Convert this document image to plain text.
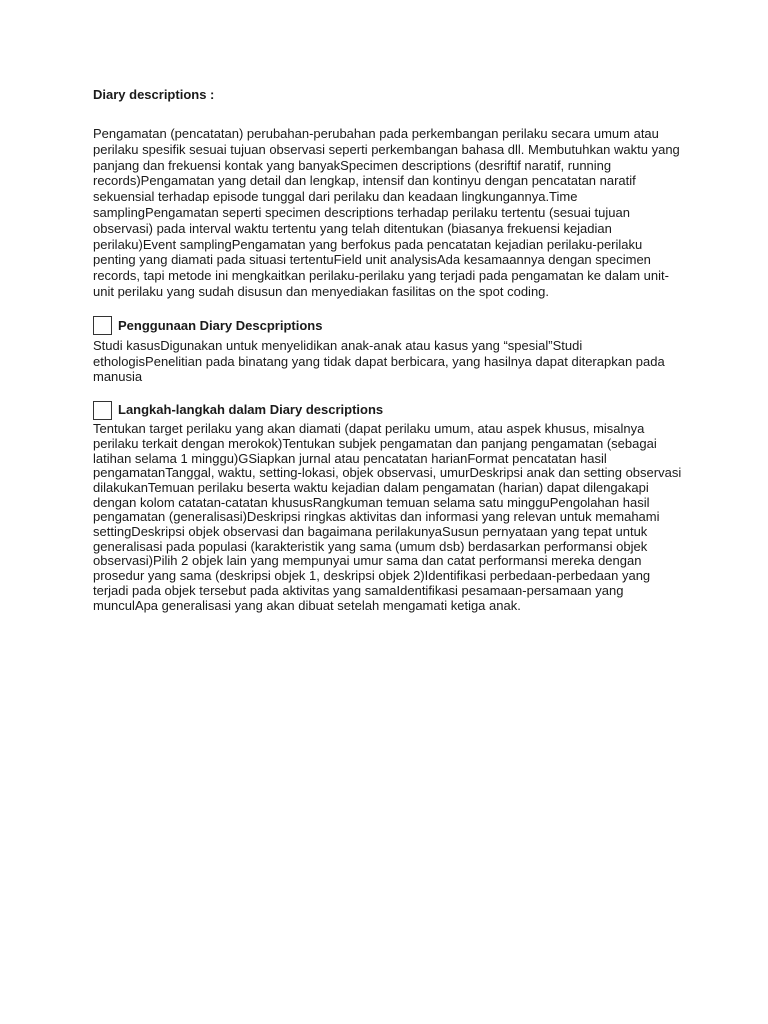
Diary descriptions :

Pengamatan (pencatatan) perubahan-perubahan pada perkembangan perilaku secara umum atau perilaku spesifik sesuai tujuan observasi seperti perkembangan bahasa dll. Membutuhkan waktu yang panjang dan frekuensi kontak yang banyakSpecimen descriptions (desriftif naratif, running records)Pengamatan yang detail dan lengkap, intensif dan kontinyu dengan pencatatan naratif sekuensial terhadap episode tunggal dari perilaku dan keadaan lingkungannya.Time samplingPengamatan seperti specimen descriptions terhadap perilaku tertentu (sesuai tujuan observasi) pada interval waktu tertentu yang telah ditentukan (biasanya frekuensi kejadian perilaku)Event samplingPengamatan yang berfokus pada pencatatan kejadian perilaku-perilaku penting yang diamati pada situasi tertentuField unit analysisAda kesamaannya dengan specimen records, tapi metode ini mengkaitkan perilaku-perilaku yang terjadi pada pengamatan ke dalam unit-unit perilaku yang sudah disusun dan menyediakan fasilitas on the spot coding.

Penggunaan Diary Descpriptions

Studi kasusDigunakan untuk menyelidikan anak-anak atau kasus yang “spesial”Studi ethologisPenelitian pada binatang yang tidak dapat berbicara, yang hasilnya dapat diterapkan pada manusia

Langkah-langkah dalam Diary descriptions

Tentukan target perilaku yang akan diamati (dapat perilaku umum, atau aspek khusus, misalnya perilaku terkait dengan merokok)Tentukan subjek pengamatan dan panjang pengamatan (sebagai latihan selama 1 minggu)GSiapkan jurnal atau pencatatan harianFormat pencatatan hasil pengamatanTanggal, waktu, setting-lokasi, objek observasi, umurDeskripsi anak dan setting observasi dilakukanTemuan perilaku beserta waktu kejadian dalam pengamatan (harian) dapat dilengakapi dengan kolom catatan-catatan khususRangkuman temuan selama satu mingguPengolahan hasil pengamatan (generalisasi)Deskripsi ringkas aktivitas dan informasi yang relevan untuk memahami settingDeskripsi objek observasi dan bagaimana perilakunyaSusun pernyataan yang tepat untuk generalisasi pada populasi (karakteristik yang sama (umum dsb) berdasarkan performansi objek observasi)Pilih 2 objek lain yang mempunyai umur sama dan catat performansi mereka dengan prosedur yang sama (deskripsi objek 1, deskripsi objek 2)Identifikasi perbedaan-perbedaan yang terjadi pada objek tersebut pada aktivitas yang samaIdentifikasi pesamaan-persamaan yang munculApa generalisasi yang akan dibuat setelah mengamati ketiga anak.
